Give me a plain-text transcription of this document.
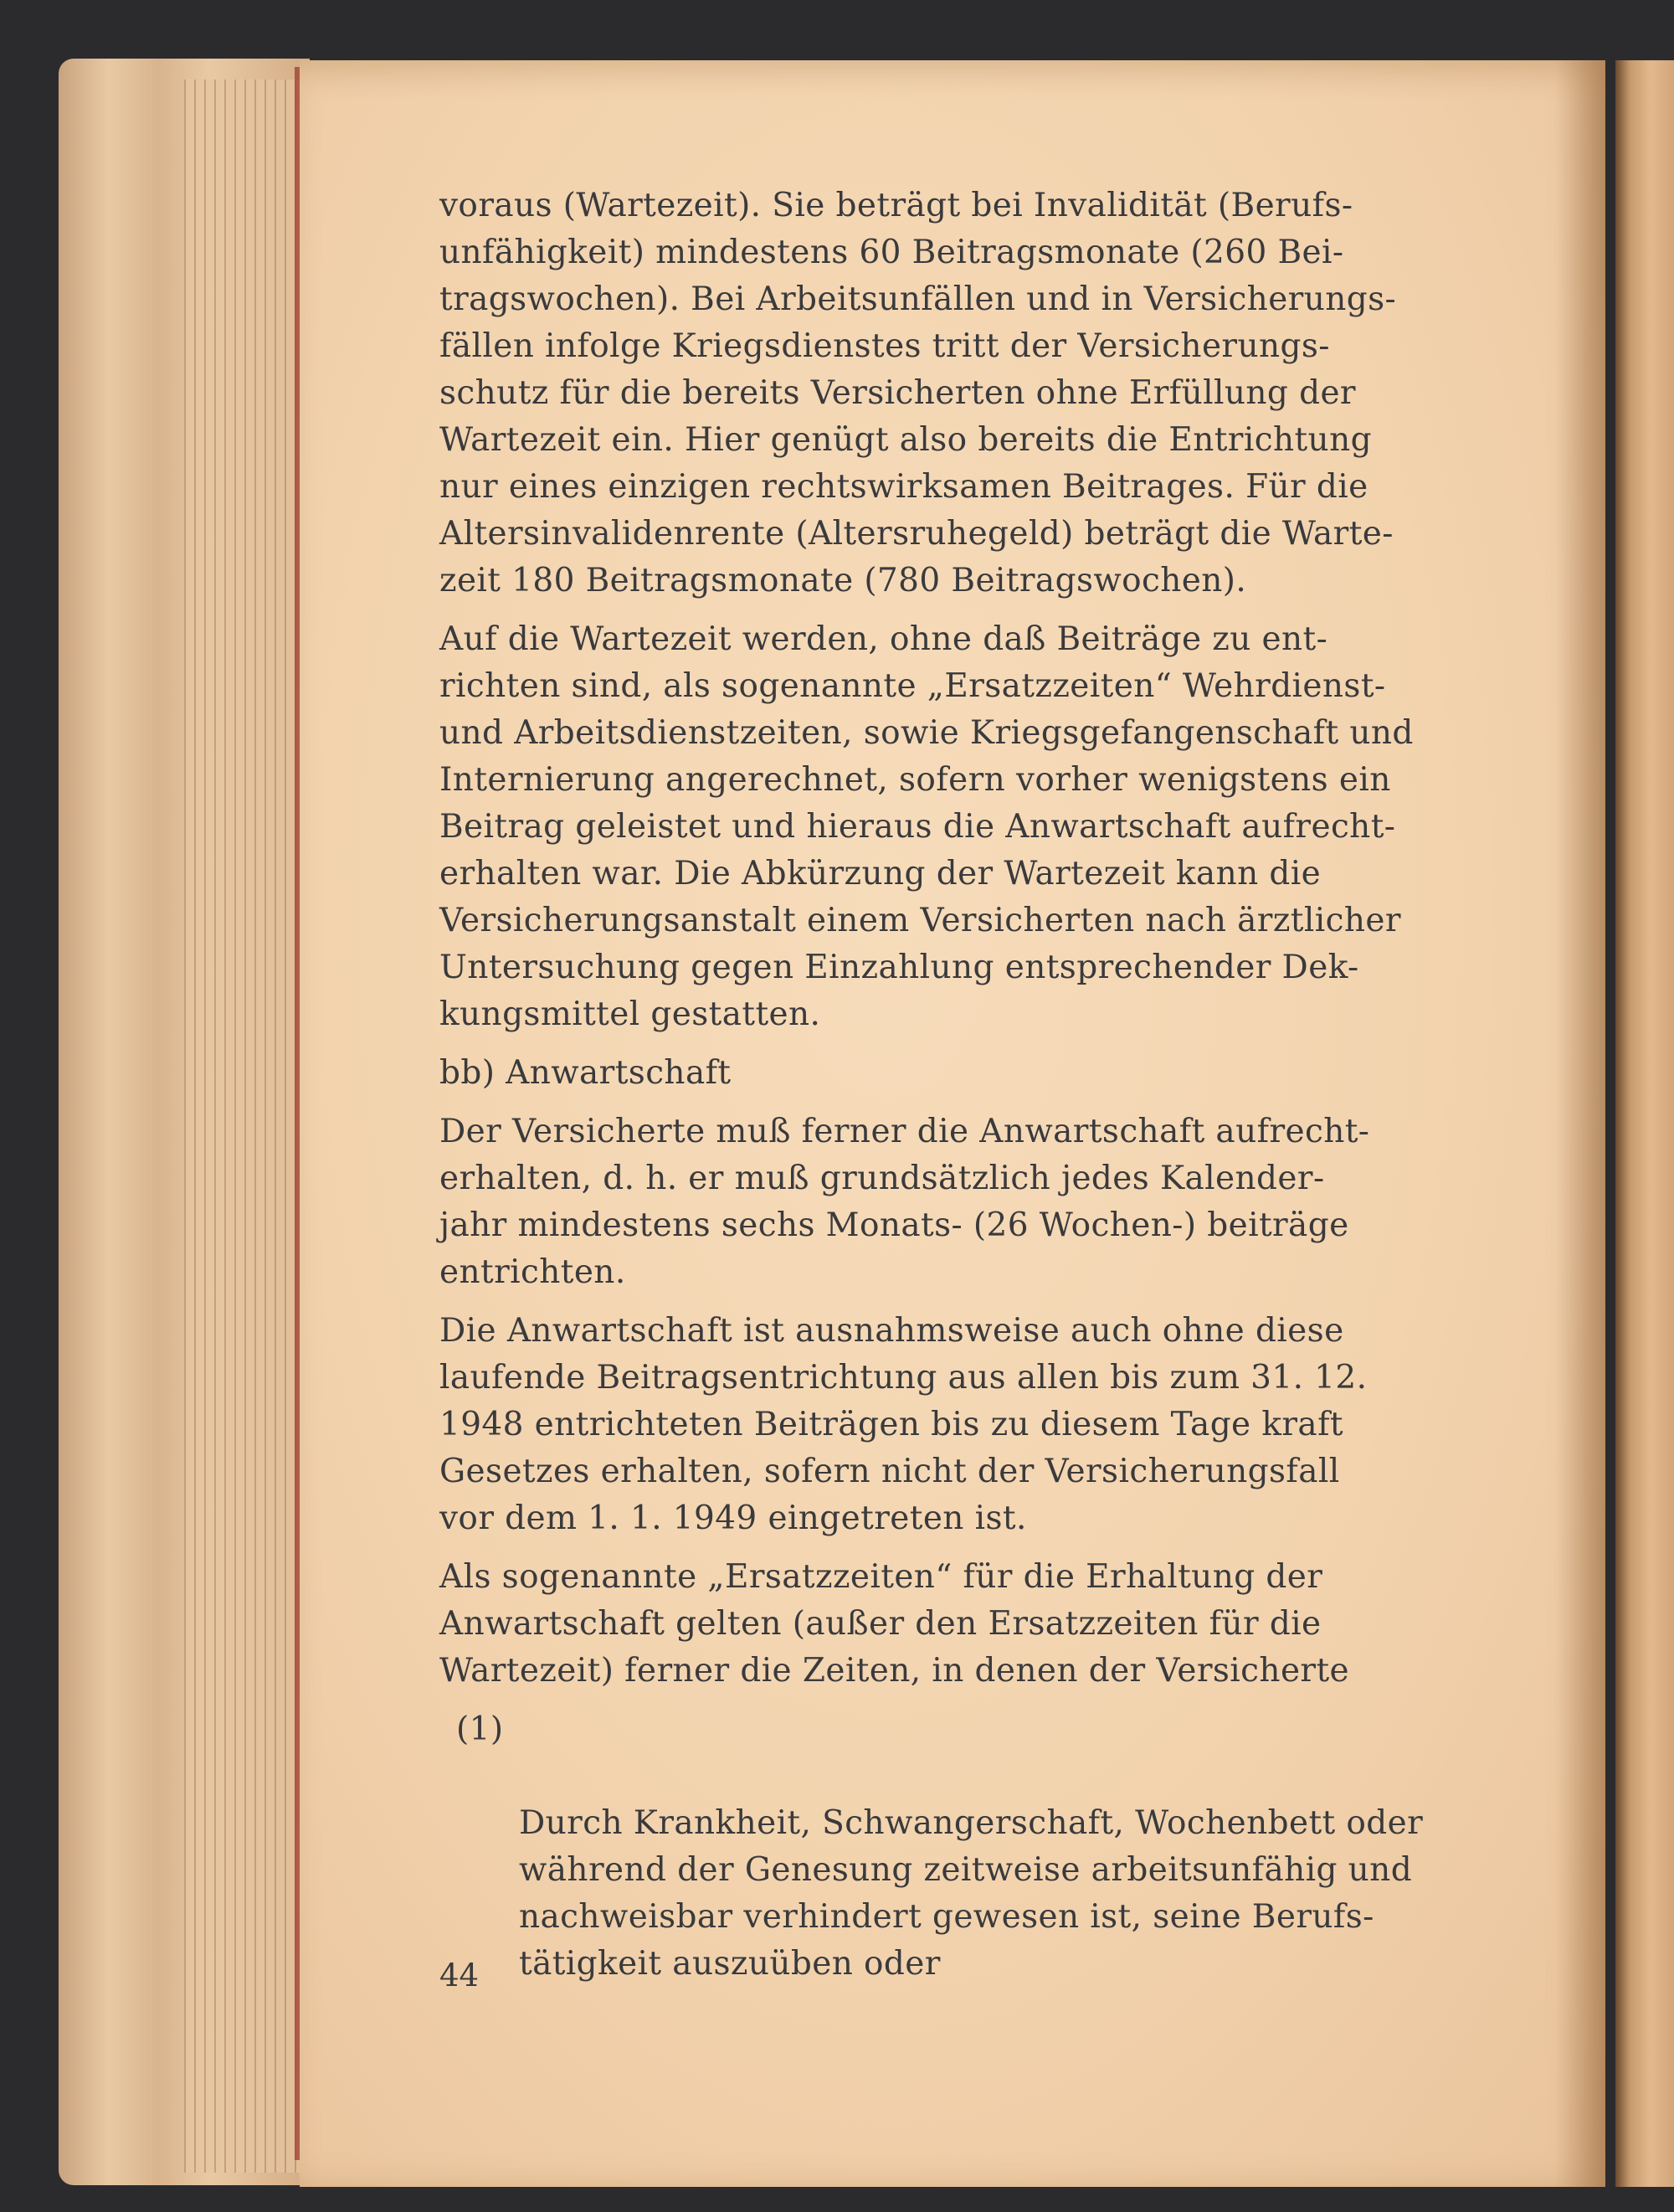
voraus (Wartezeit). Sie beträgt bei Invalidität (Berufs-
unfähigkeit) mindestens 60 Beitragsmonate (260 Bei-
tragswochen). Bei Arbeitsunfällen und in Versicherungs-
fällen infolge Kriegsdienstes tritt der Versicherungs-
schutz für die bereits Versicherten ohne Erfüllung der
Wartezeit ein. Hier genügt also bereits die Entrichtung
nur eines einzigen rechtswirksamen Beitrages. Für die
Altersinvalidenrente (Altersruhegeld) beträgt die Warte-
zeit 180 Beitragsmonate (780 Beitragswochen).

Auf die Wartezeit werden, ohne daß Beiträge zu ent-
richten sind, als sogenannte „Ersatzzeiten“ Wehrdienst-
und Arbeitsdienstzeiten, sowie Kriegsgefangenschaft und
Internierung angerechnet, sofern vorher wenigstens ein
Beitrag geleistet und hieraus die Anwartschaft aufrecht-
erhalten war. Die Abkürzung der Wartezeit kann die
Versicherungsanstalt einem Versicherten nach ärztlicher
Untersuchung gegen Einzahlung entsprechender Dek-
kungsmittel gestatten.

bb) Anwartschaft

Der Versicherte muß ferner die Anwartschaft aufrecht-
erhalten, d. h. er muß grundsätzlich jedes Kalender-
jahr mindestens sechs Monats- (26 Wochen-) beiträge
entrichten.

Die Anwartschaft ist ausnahmsweise auch ohne diese
laufende Beitragsentrichtung aus allen bis zum 31. 12.
1948 entrichteten Beiträgen bis zu diesem Tage kraft
Gesetzes erhalten, sofern nicht der Versicherungsfall
vor dem 1. 1. 1949 eingetreten ist.

Als sogenannte „Ersatzzeiten“ für die Erhaltung der
Anwartschaft gelten (außer den Ersatzzeiten für die
Wartezeit) ferner die Zeiten, in denen der Versicherte

(1)

Durch Krankheit, Schwangerschaft, Wochenbett oder
während der Genesung zeitweise arbeitsunfähig und
nachweisbar verhindert gewesen ist, seine Berufs-
tätigkeit auszuüben oder

44
